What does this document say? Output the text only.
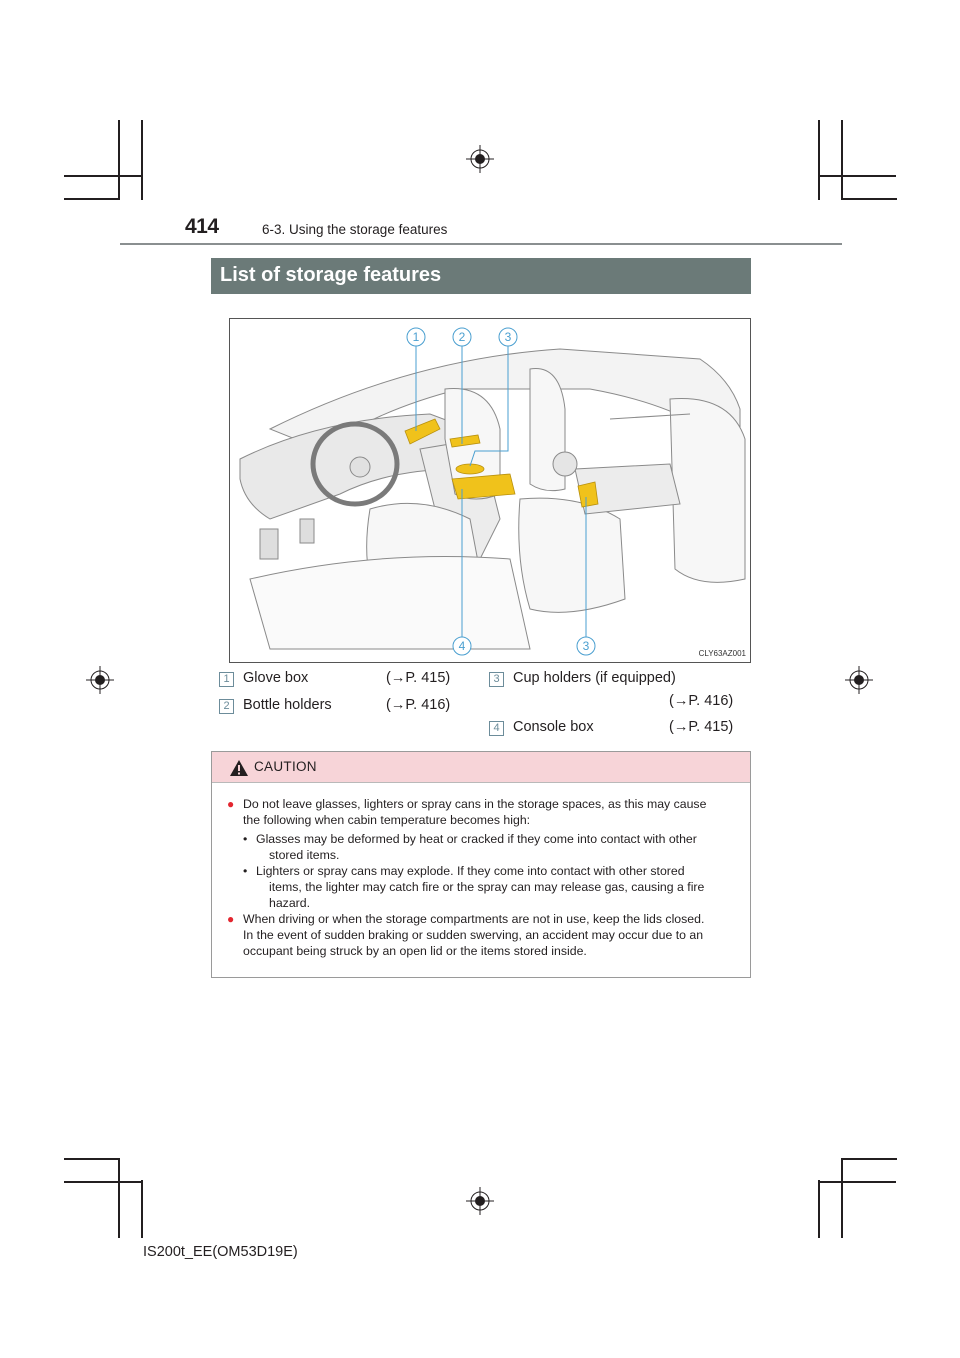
414	6-3. Using the storage features
List of storage features
1	2	3
4	3
CLY63AZ001
1 Glove box	(→P. 415)
2 Bottle holders	(→P. 416)
3 Cup holders (if equipped)
(→P. 416)
4 Console box	(→P. 415)
CAUTION
● Do not leave glasses, lighters or spray cans in the storage spaces, as this may cause
the following when cabin temperature becomes high:
• Glasses may be deformed by heat or cracked if they come into contact with other
stored items.
• Lighters or spray cans may explode. If they come into contact with other stored
items, the lighter may catch fire or the spray can may release gas, causing a fire
hazard.
● When driving or when the storage compartments are not in use, keep the lids closed.
In the event of sudden braking or sudden swerving, an accident may occur due to an
occupant being struck by an open lid or the items stored inside.
IS200t_EE(OM53D19E)
